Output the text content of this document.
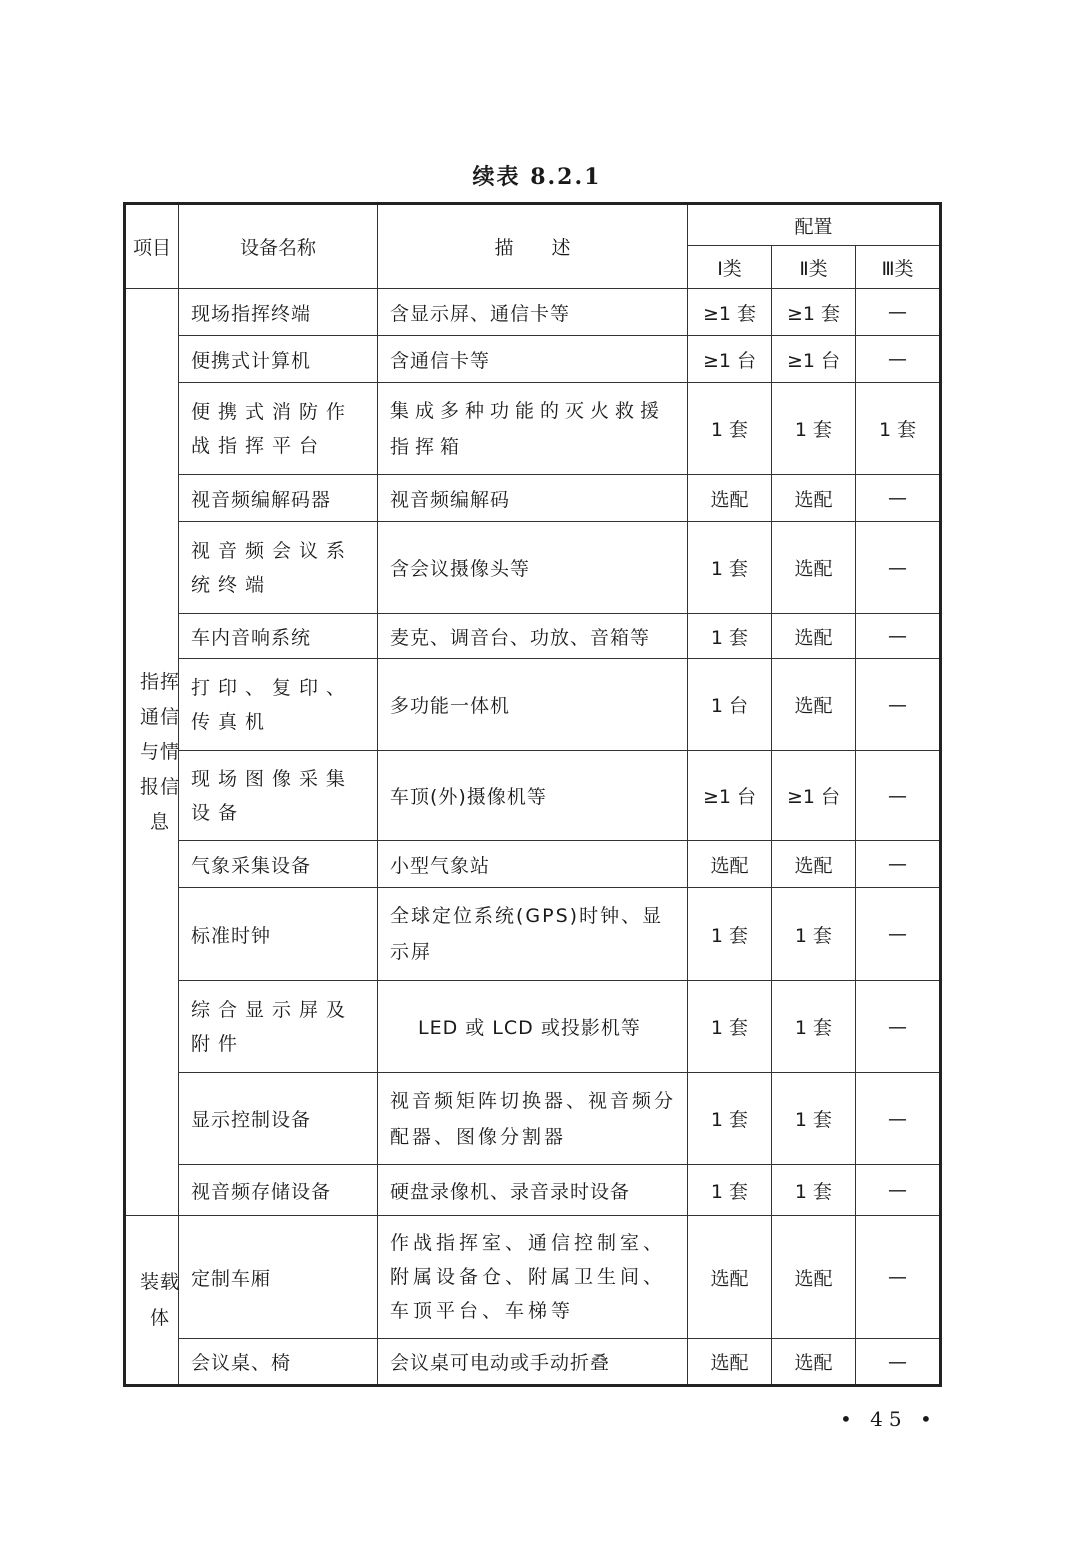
续表 8.2.1
项目	设备名称	描　　述	配置		
			Ⅰ类	Ⅱ类	Ⅲ类
指挥通信与情报信息	现场指挥终端	含显示屏、通信卡等	≥1 套	≥1 套	—
	便携式计算机	含通信卡等	≥1 台	≥1 台	—
	便携式消防作战指挥平台	集成多种功能的灭火救援指挥箱	1 套	1 套	1 套
	视音频编解码器	视音频编解码	选配	选配	—
	视音频会议系统终端	含会议摄像头等	1 套	选配	—
	车内音响系统	麦克、调音台、功放、音箱等	1 套	选配	—
	打印、复印、传真机	多功能一体机	1 台	选配	—
	现场图像采集设备	车顶(外)摄像机等	≥1 台	≥1 台	—
	气象采集设备	小型气象站	选配	选配	—
	标准时钟	全球定位系统(GPS)时钟、显示屏	1 套	1 套	—
	综合显示屏及附件	LED 或 LCD 或投影机等	1 套	1 套	—
	显示控制设备	视音频矩阵切换器、视音频分配器、图像分割器	1 套	1 套	—
	视音频存储设备	硬盘录像机、录音录时设备	1 套	1 套	—
装载体	定制车厢	作战指挥室、通信控制室、附属设备仓、附属卫生间、车顶平台、车梯等	选配	选配	—
	会议桌、椅	会议桌可电动或手动折叠	选配	选配	—
• 45 •
